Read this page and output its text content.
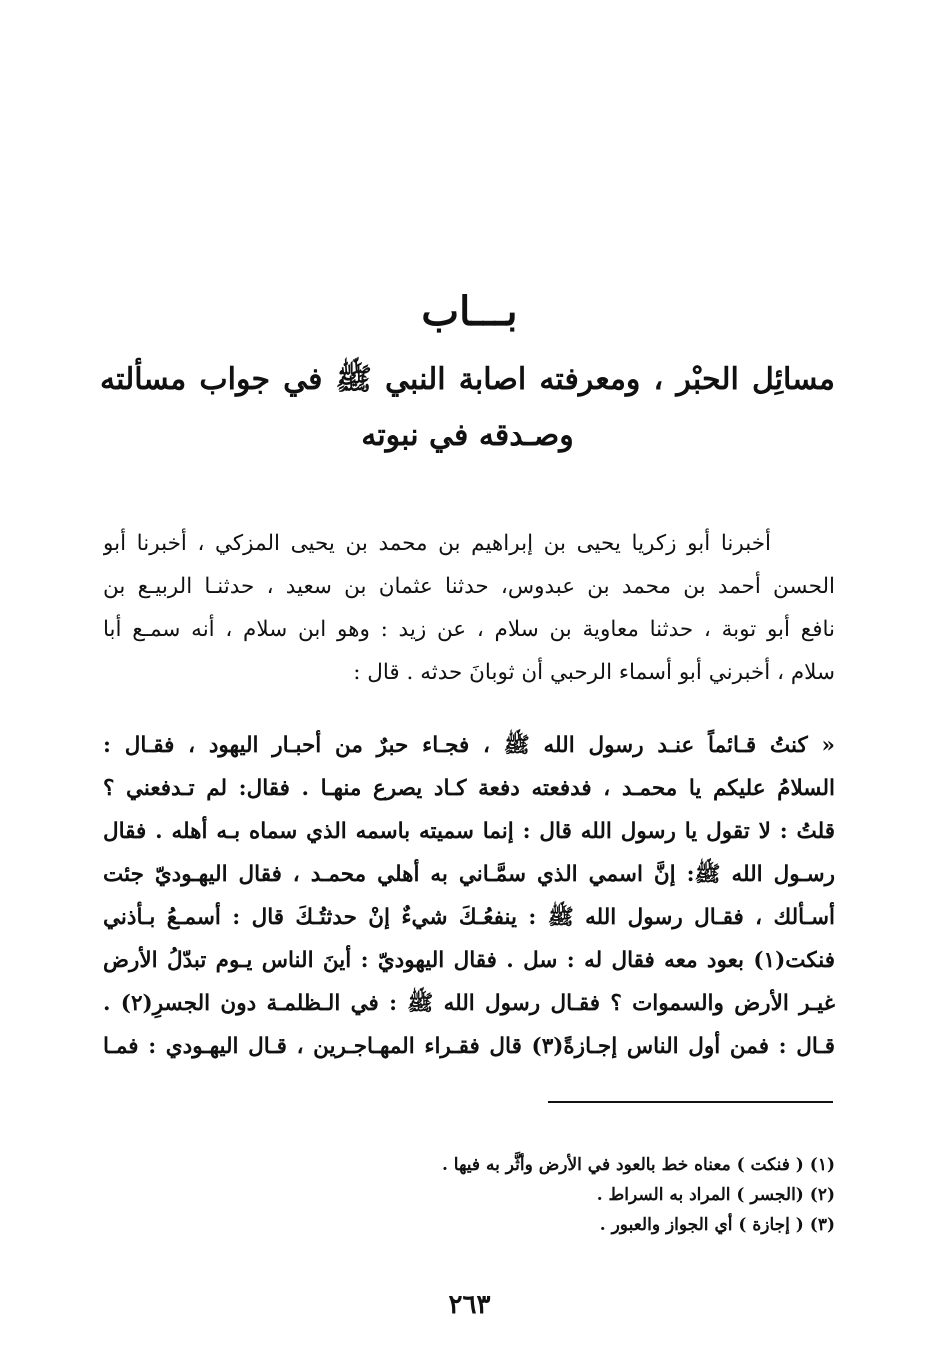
بـــاب
مسائِل الحبْر ، ومعرفته اصابة النبي ﷺ في جواب مسألته وصـدقه في نبوته
أخبرنا أبو زكريا يحيى بن إبراهيم بن محمد بن يحيى المزكي ، أخبرنا أبو
الحسن أحمد بن محمد بن عبدوس، حدثنا عثمان بن سعيد ، حدثنـا الربيـع بن
نافع أبو توبة ، حدثنا معاوية بن سلام ، عن زيد : وهو ابن سلام ، أنه سمـع أبا
سلام ، أخبرني أبو أسماء الرحبي أن ثوبانَ حدثه . قال :
« كنتُ قـائماً عنـد رسول الله ﷺ ، فجـاء حبرٌ من أحبـار اليهود ، فقـال :
السلامُ عليكم يا محمـد ، فدفعته دفعة كـاد يصرع منهـا . فقال: لم تـدفعني ؟
قلتُ : لا تقول يا رسول الله قال : إنما سميته باسمه الذي سماه بـه أهله . فقال
رسـول الله ﷺ: إنَّ اسمي الذي سمَّـاني به أهلي محمـد ، فقال اليهـوديّ جئت
أسـألك ، فقـال رسول الله ﷺ : ينفعُـكَ شيءٌ إنْ حدثتُـكَ قال : أسمـعُ بـأذني
فنكت(١) بعود معه فقال له : سل . فقال اليهوديّ : أينَ الناس يـوم تبدّلُ الأرض
غيـر الأرض والسموات ؟ فقـال رسول الله ﷺ : في الـظلمـة دون الجسرِ(٢) .
قـال : فمن أول الناس إجـازةً(٣) قال فقـراء المهـاجـرين ، قـال اليهـودي : فمـا
(١) ( فنكت ) معناه خط بالعود في الأرض وأثَّر به فيها .
(٢) (الجسر ) المراد به السراط .
(٣) ( إجازة ) أي الجواز والعبور .
٢٦٣
